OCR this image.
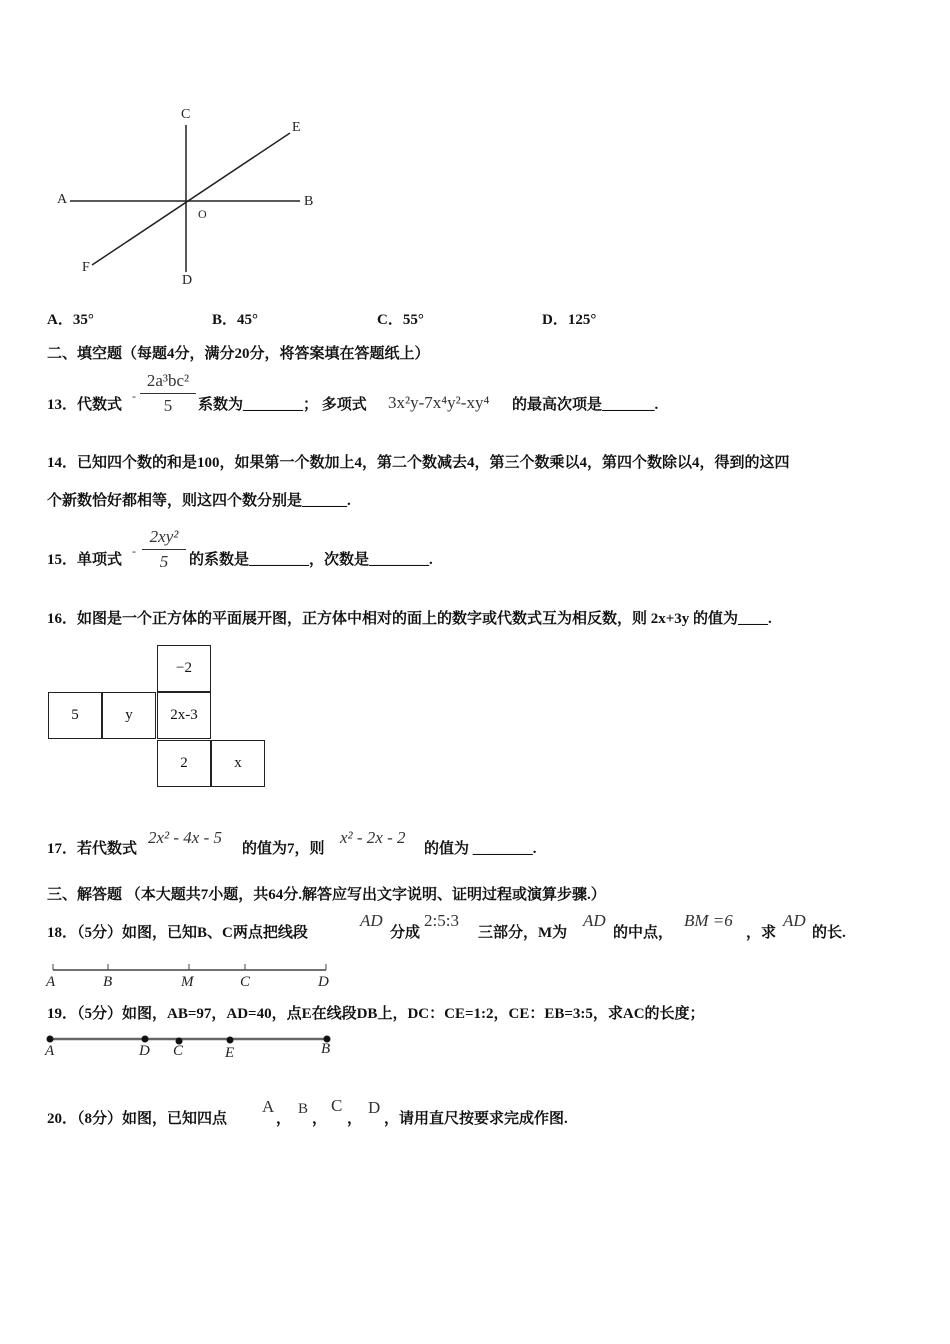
C
E
A	B
O
F
D
A．35°	B．45°	C．55°	D．125°
二、填空题（每题4分，满分20分，将答案填在答题纸上）
13．代数式
-
2a³bc²
5	系数为________； 多项式 3x²y-7x⁴y²-xy⁴ 的最高次项是_______.
14．已知四个数的和是100，如果第一个数加上4，第二个数减去4，第三个数乘以4，第四个数除以4，得到的这四
个新数恰好都相等，则这四个数分别是______.
15．单项式
-
2xy²
5	的系数是________，次数是________.
16．如图是一个正方体的平面展开图，正方体中相对的面上的数字或代数式互为相反数，则 2x+3y 的值为____.
−2
5	y	2x-3
2	x
17．若代数式
2x² - 4x - 5
的值为7，则
x² - 2x - 2
的值为 ________.
三、解答题 （本大题共7小题，共64分.解答应写出文字说明、证明过程或演算步骤.）
18．（5分）如图，已知B、C两点把线段
AD
分成
2:5:3
三部分，M为
AD
的中点，
BM =6
，求
AD
的长.
A	B	M	C	D
19．（5分）如图，AB=97，AD=40，点E在线段DB上，DC：CE=1:2，CE：EB=3:5，求AC的长度；
A	D C	E	B
20．（8分）如图，已知四点
A
，
B
，
C
，
D
，请用直尺按要求完成作图.
